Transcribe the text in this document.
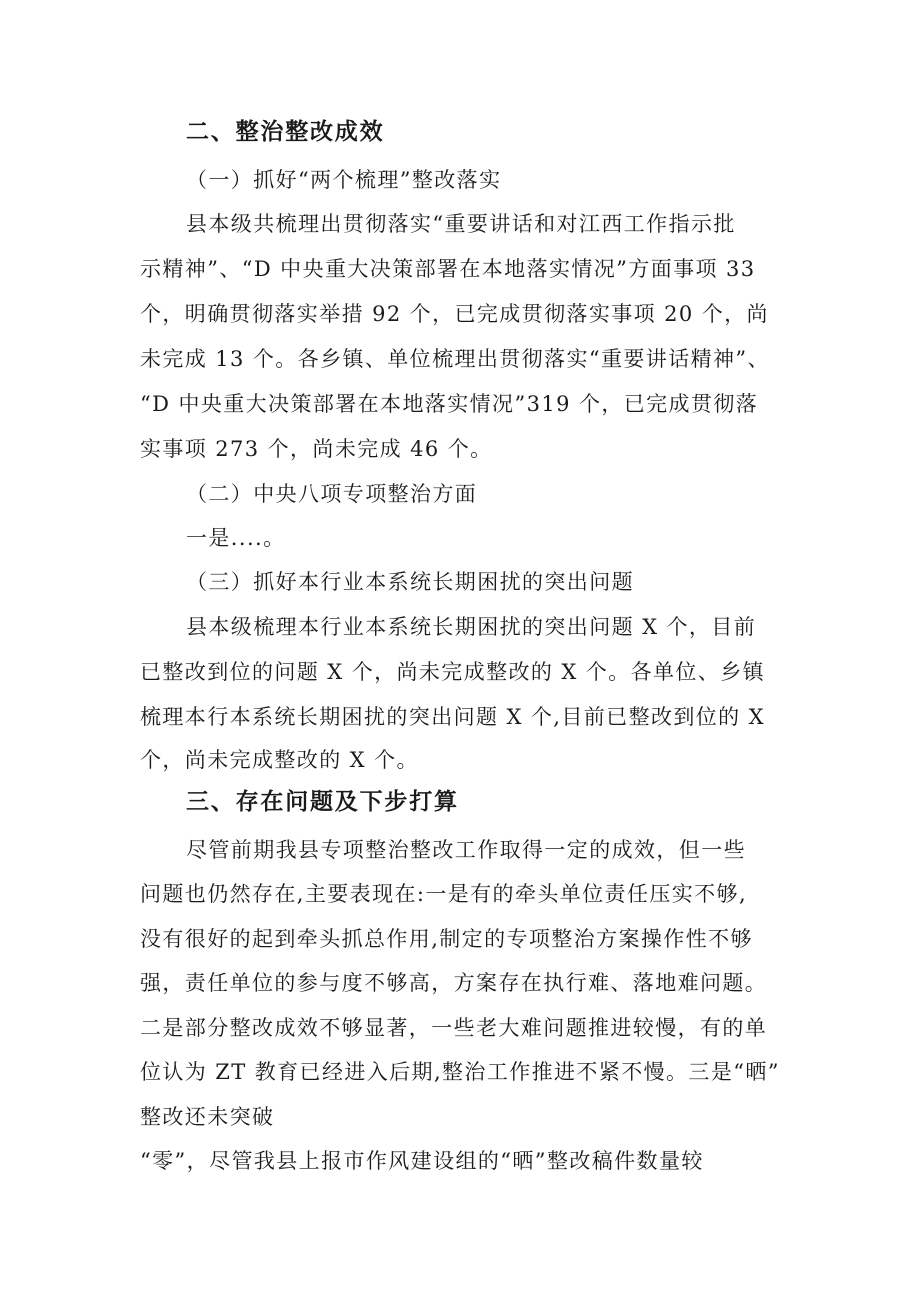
二、整治整改成效
（一）抓好“两个梳理”整改落实
县本级共梳理出贯彻落实“重要讲话和对江西工作指示批
示精神”、“D 中央重大决策部署在本地落实情况”方面事项 33
个，明确贯彻落实举措 92 个，已完成贯彻落实事项 20 个，尚
未完成 13 个。各乡镇、单位梳理出贯彻落实“重要讲话精神”、
“D 中央重大决策部署在本地落实情况”319 个，已完成贯彻落
实事项 273 个，尚未完成 46 个。
（二）中央八项专项整治方面
一是....。
（三）抓好本行业本系统长期困扰的突出问题
县本级梳理本行业本系统长期困扰的突出问题 X 个，目前
已整改到位的问题 X 个，尚未完成整改的 X 个。各单位、乡镇
梳理本行本系统长期困扰的突出问题 X 个,目前已整改到位的 X
个，尚未完成整改的 X 个。
三、存在问题及下步打算
尽管前期我县专项整治整改工作取得一定的成效，但一些
问题也仍然存在,主要表现在:一是有的牵头单位责任压实不够,
没有很好的起到牵头抓总作用,制定的专项整治方案操作性不够
强，责任单位的参与度不够高，方案存在执行难、落地难问题。
二是部分整改成效不够显著，一些老大难问题推进较慢，有的单
位认为 ZT 教育已经进入后期,整治工作推进不紧不慢。三是“晒”
整改还未突破
“零”，尽管我县上报市作风建设组的“晒”整改稿件数量较
